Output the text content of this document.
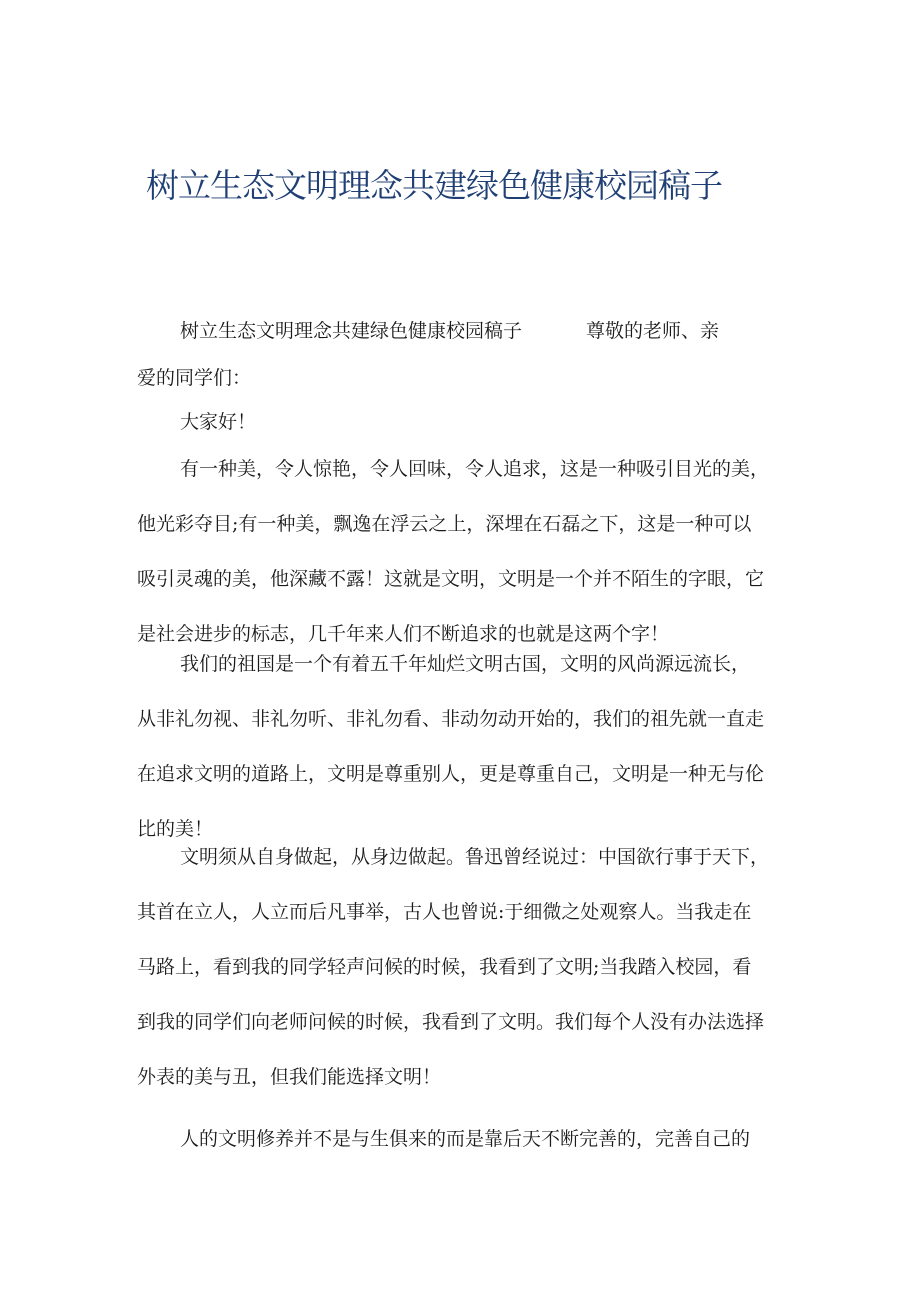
树立生态文明理念共建绿色健康校园稿子
树立生态文明理念共建绿色健康校园稿子	尊敬的老师、亲
爱的同学们：
大家好！
有一种美，令人惊艳，令人回味，令人追求，这是一种吸引目光的美，
他光彩夺目;有一种美，飘逸在浮云之上，深埋在石磊之下，这是一种可以
吸引灵魂的美，他深藏不露！这就是文明，文明是一个并不陌生的字眼，它
是社会进步的标志，几千年来人们不断追求的也就是这两个字！
我们的祖国是一个有着五千年灿烂文明古国，文明的风尚源远流长，
从非礼勿视、非礼勿听、非礼勿看、非动勿动开始的，我们的祖先就一直走
在追求文明的道路上，文明是尊重别人，更是尊重自己，文明是一种无与伦
比的美！
文明须从自身做起，从身边做起。鲁迅曾经说过：中国欲行事于天下，
其首在立人，人立而后凡事举，古人也曾说:于细微之处观察人。当我走在
马路上，看到我的同学轻声问候的时候，我看到了文明;当我踏入校园，看
到我的同学们向老师问候的时候，我看到了文明。我们每个人没有办法选择
外表的美与丑，但我们能选择文明！
人的文明修养并不是与生俱来的而是靠后天不断完善的，完善自己的
